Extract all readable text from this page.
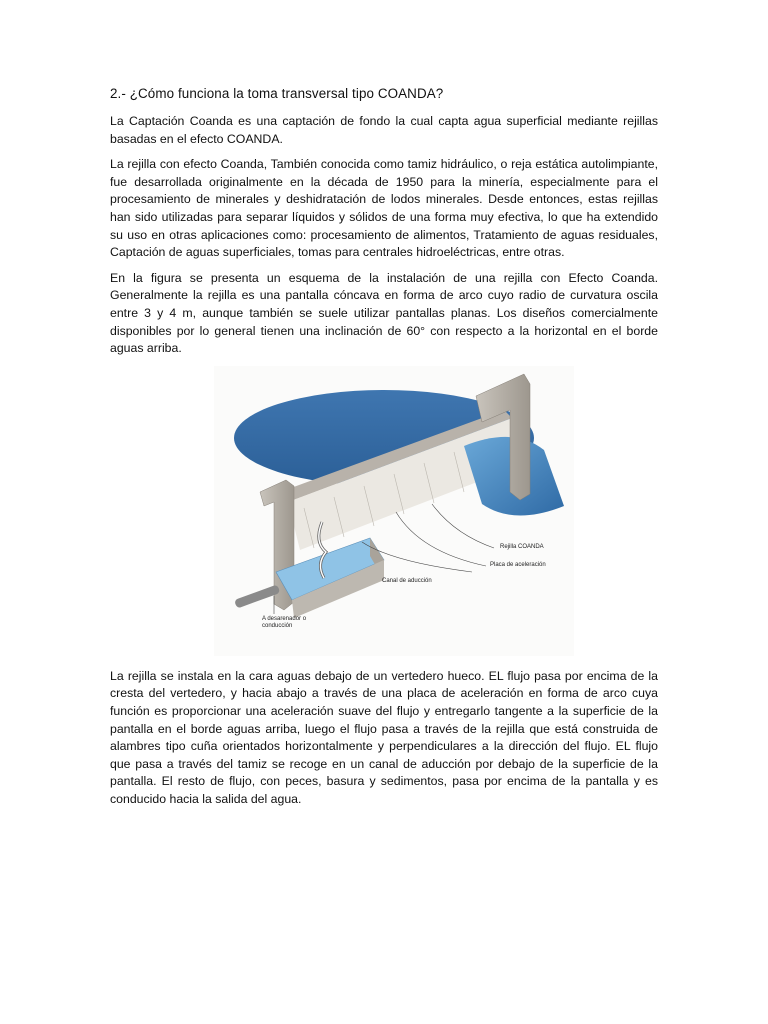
2.- ¿Cómo funciona la toma transversal tipo COANDA?

La Captación Coanda es una captación de fondo la cual capta agua superficial mediante rejillas basadas en el efecto COANDA.

La rejilla con efecto Coanda, También conocida como tamiz hidráulico, o reja estática autolimpiante, fue desarrollada originalmente en la década de 1950 para la minería, especialmente para el procesamiento de minerales y deshidratación de lodos minerales. Desde entonces, estas rejillas han sido utilizadas para separar líquidos y sólidos de una forma muy efectiva, lo que ha extendido su uso en otras aplicaciones como: procesamiento de alimentos, Tratamiento de aguas residuales, Captación de aguas superficiales, tomas para centrales hidroeléctricas, entre otras.

En la figura se presenta un esquema de la instalación de una rejilla con Efecto Coanda. Generalmente la rejilla es una pantalla cóncava en forma de arco cuyo radio de curvatura oscila entre 3 y 4 m, aunque también se suele utilizar pantallas planas. Los diseños comercialmente disponibles por lo general tienen una inclinación de 60° con respecto a la horizontal en el borde aguas arriba.

Rejilla COANDA
Placa de aceleración
Canal de aducción
A desarenador o conducción

La rejilla se instala en la cara aguas debajo de un vertedero hueco. EL flujo pasa por encima de la cresta del vertedero, y hacia abajo a través de una placa de aceleración en forma de arco cuya función es proporcionar una aceleración suave del flujo y entregarlo tangente a la superficie de la pantalla en el borde aguas arriba, luego el flujo pasa a través de la rejilla que está construida de alambres tipo cuña orientados horizontalmente y perpendiculares a la dirección del flujo. EL flujo que pasa a través del tamiz se recoge en un canal de aducción por debajo de la superficie de la pantalla. El resto de flujo, con peces, basura y sedimentos, pasa por encima de la pantalla y es conducido hacia la salida del agua.
